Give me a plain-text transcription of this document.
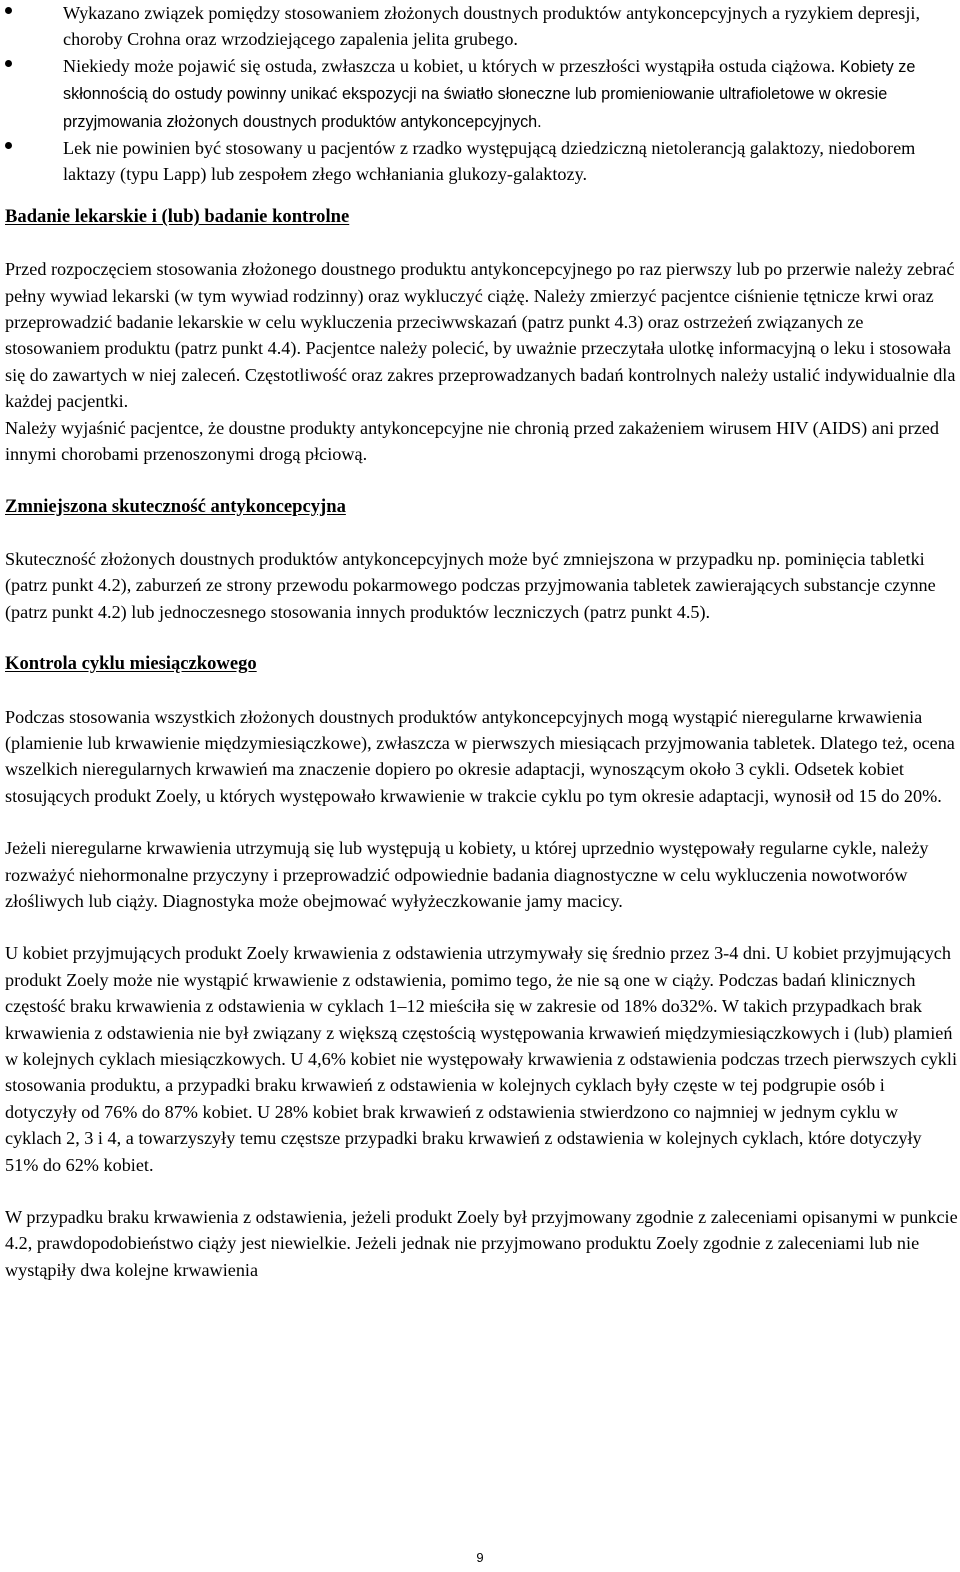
Wykazano związek pomiędzy stosowaniem złożonych doustnych produktów antykoncepcyjnych a ryzykiem depresji, choroby Crohna oraz wrzodziejącego zapalenia jelita grubego.

Niekiedy może pojawić się ostuda, zwłaszcza u kobiet, u których w przeszłości wystąpiła ostuda ciążowa. Kobiety ze skłonnością do ostudy powinny unikać ekspozycji na światło słoneczne lub promieniowanie ultrafioletowe w okresie przyjmowania złożonych doustnych produktów antykoncepcyjnych.

Lek nie powinien być stosowany u pacjentów z rzadko występującą dziedziczną nietolerancją galaktozy, niedoborem laktazy (typu Lapp) lub zespołem złego wchłaniania glukozy-galaktozy.

Badanie lekarskie i (lub) badanie kontrolne

Przed rozpoczęciem stosowania złożonego doustnego produktu antykoncepcyjnego po raz pierwszy lub po przerwie należy zebrać pełny wywiad lekarski (w tym wywiad rodzinny) oraz wykluczyć ciążę. Należy zmierzyć pacjentce ciśnienie tętnicze krwi oraz przeprowadzić badanie lekarskie w celu wykluczenia przeciwwskazań (patrz punkt 4.3) oraz ostrzeżeń związanych ze stosowaniem produktu (patrz punkt 4.4). Pacjentce należy polecić, by uważnie przeczytała ulotkę informacyjną o leku i stosowała się do zawartych w niej zaleceń. Częstotliwość oraz zakres przeprowadzanych badań kontrolnych należy ustalić indywidualnie dla każdej pacjentki.

Należy wyjaśnić pacjentce, że doustne produkty antykoncepcyjne nie chronią przed zakażeniem wirusem HIV (AIDS) ani przed innymi chorobami przenoszonymi drogą płciową.

Zmniejszona skuteczność antykoncepcyjna

Skuteczność złożonych doustnych produktów antykoncepcyjnych może być zmniejszona w przypadku np. pominięcia tabletki (patrz punkt 4.2), zaburzeń ze strony przewodu pokarmowego podczas przyjmowania tabletek zawierających substancje czynne (patrz punkt 4.2) lub jednoczesnego stosowania innych produktów leczniczych (patrz punkt 4.5).

Kontrola cyklu miesiączkowego

Podczas stosowania wszystkich złożonych doustnych produktów antykoncepcyjnych mogą wystąpić nieregularne krwawienia (plamienie lub krwawienie międzymiesiączkowe), zwłaszcza w pierwszych miesiącach przyjmowania tabletek. Dlatego też, ocena wszelkich nieregularnych krwawień ma znaczenie dopiero po okresie adaptacji, wynoszącym około 3 cykli. Odsetek kobiet stosujących produkt Zoely, u których występowało krwawienie w trakcie cyklu po tym okresie adaptacji, wynosił od 15 do 20%.

Jeżeli nieregularne krwawienia utrzymują się lub występują u kobiety, u której uprzednio występowały regularne cykle, należy rozważyć niehormonalne przyczyny i przeprowadzić odpowiednie badania diagnostyczne w celu wykluczenia nowotworów złośliwych lub ciąży. Diagnostyka może obejmować wyłyżeczkowanie jamy macicy.

U kobiet przyjmujących produkt Zoely krwawienia z odstawienia utrzymywały się średnio przez 3-4 dni. U kobiet przyjmujących produkt Zoely może nie wystąpić krwawienie z odstawienia, pomimo tego, że nie są one w ciąży. Podczas badań klinicznych częstość braku krwawienia z odstawienia w cyklach 1–12 mieściła się w zakresie od 18% do32%. W takich przypadkach brak krwawienia z odstawienia nie był związany z większą częstością występowania krwawień międzymiesiączkowych i (lub) plamień w kolejnych cyklach miesiączkowych. U 4,6% kobiet nie występowały krwawienia z odstawienia podczas trzech pierwszych cykli stosowania produktu, a przypadki braku krwawień z odstawienia w kolejnych cyklach były częste w tej podgrupie osób i dotyczyły od 76% do 87% kobiet. U 28% kobiet brak krwawień z odstawienia stwierdzono co najmniej w jednym cyklu w cyklach 2, 3 i 4, a towarzyszyły temu częstsze przypadki braku krwawień z odstawienia w kolejnych cyklach, które dotyczyły 51% do 62% kobiet.

W przypadku braku krwawienia z odstawienia, jeżeli produkt Zoely był przyjmowany zgodnie z zaleceniami opisanymi w punkcie 4.2, prawdopodobieństwo ciąży jest niewielkie. Jeżeli jednak nie przyjmowano produktu Zoely zgodnie z zaleceniami lub nie wystąpiły dwa kolejne krwawienia

9
